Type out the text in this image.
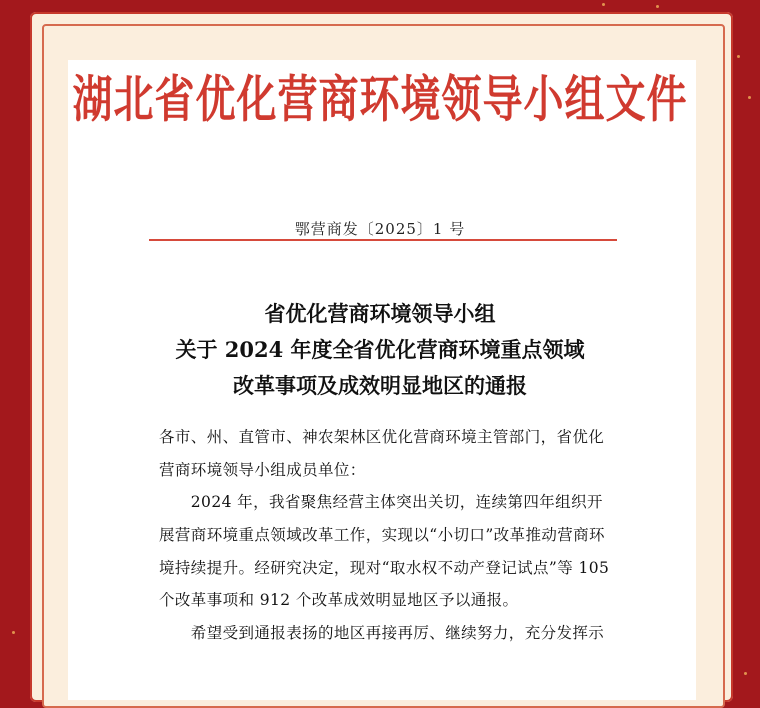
湖北省优化营商环境领导小组文件
鄂营商发〔2025〕1 号
省优化营商环境领导小组
关于 2024 年度全省优化营商环境重点领域
改革事项及成效明显地区的通报
各市、州、直管市、神农架林区优化营商环境主管部门，省优化
营商环境领导小组成员单位：
　　2024 年，我省聚焦经营主体突出关切，连续第四年组织开
展营商环境重点领域改革工作，实现以“小切口”改革推动营商环
境持续提升。经研究决定，现对“取水权不动产登记试点”等 105
个改革事项和 912 个改革成效明显地区予以通报。
　　希望受到通报表扬的地区再接再厉、继续努力，充分发挥示
